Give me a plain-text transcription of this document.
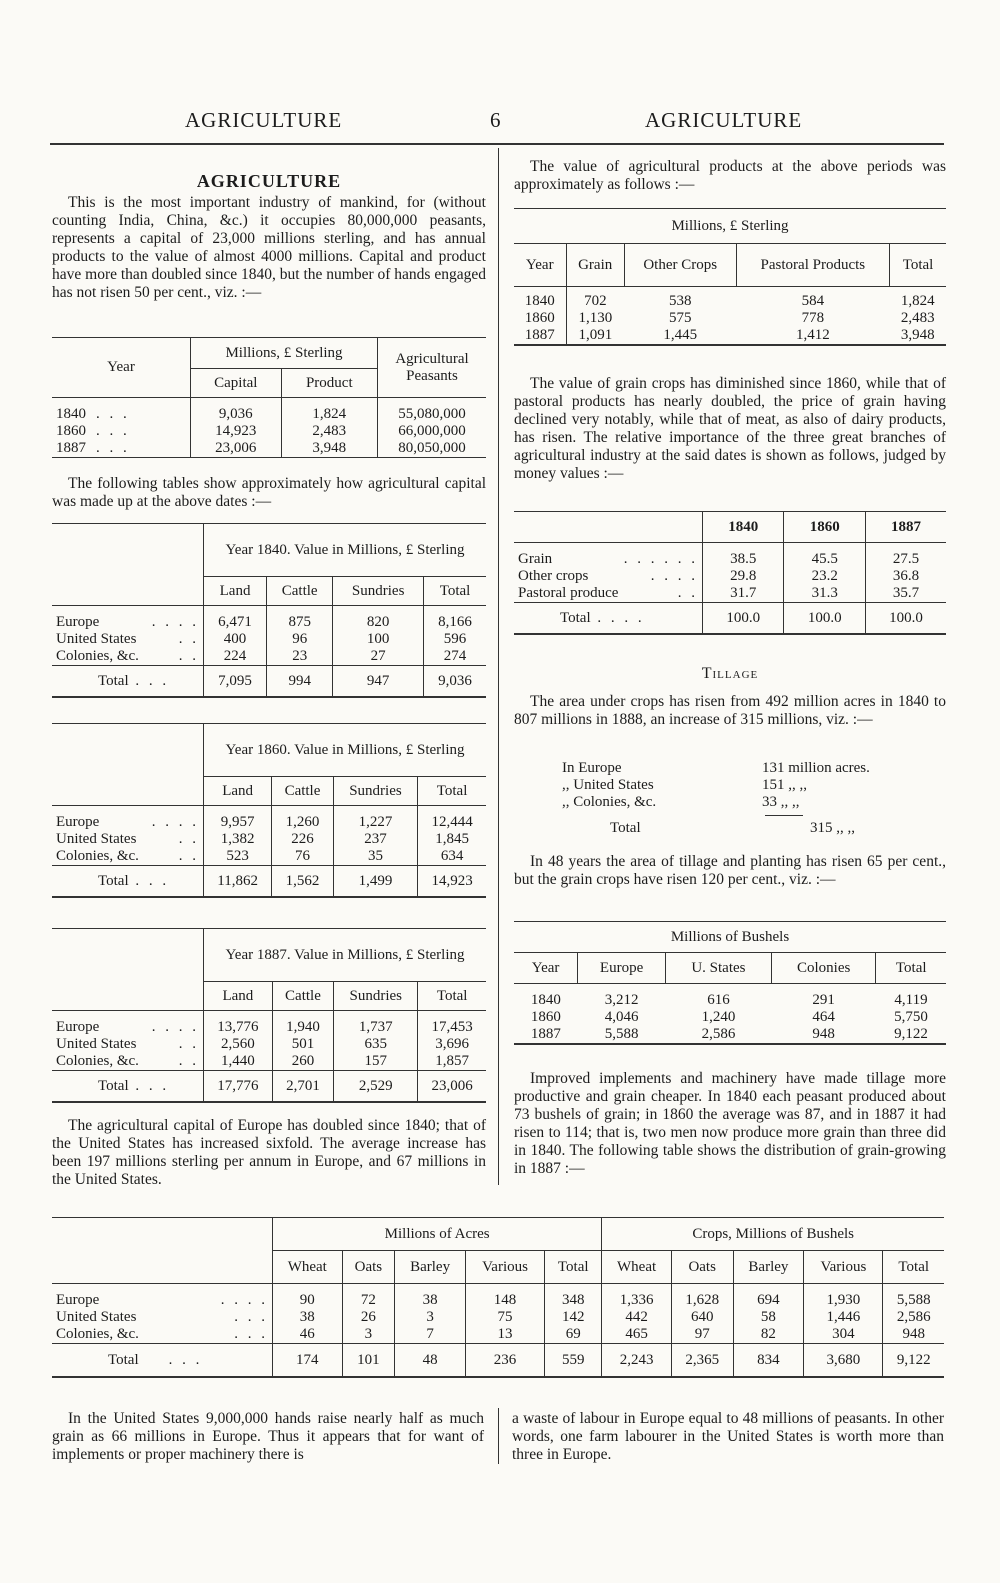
AGRICULTURE	6	AGRICULTURE
AGRICULTURE

This is the most important industry of mankind, for (without counting India, China, &c.) it occupies 80,000,000 peasants, represents a capital of 23,000 millions sterling, and has annual products to the value of almost 4000 millions. Capital and product have more than doubled since 1840, but the number of hands engaged has not risen 50 per cent., viz. :—

Year	Millions, £ Sterling		Agricultural Peasants
	Capital	Product	
1840 . . .	9,036	1,824	55,080,000
1860 . . .	14,923	2,483	66,000,000
1887 . . .	23,006	3,948	80,050,000

The following tables show approximately how agricultural capital was made up at the above dates :—

	Year 1840. Value in Millions, £ Sterling			
	Land	Cattle	Sundries	Total
Europe . . . .	6,471	875	820	8,166
United States . .	400	96	100	596
Colonies, &c. . .	224	23	27	274
Total . . .	7,095	994	947	9,036
	Year 1860. Value in Millions, £ Sterling			
	Land	Cattle	Sundries	Total
Europe . . . .	9,957	1,260	1,227	12,444
United States . .	1,382	226	237	1,845
Colonies, &c. . .	523	76	35	634
Total . . .	11,862	1,562	1,499	14,923
	Year 1887. Value in Millions, £ Sterling			
	Land	Cattle	Sundries	Total
Europe . . . .	13,776	1,940	1,737	17,453
United States . .	2,560	501	635	3,696
Colonies, &c. . .	1,440	260	157	1,857
Total . . .	17,776	2,701	2,529	23,006

The agricultural capital of Europe has doubled since 1840; that of the United States has increased sixfold. The average increase has been 197 millions sterling per annum in Europe, and 67 millions in the United States.

The value of agricultural products at the above periods was approximately as follows :—

Millions, £ Sterling				
Year	Grain	Other Crops	Pastoral Products	Total
1840	702	538	584	1,824
1860	1,130	575	778	2,483
1887	1,091	1,445	1,412	3,948

The value of grain crops has diminished since 1860, while that of pastoral products has nearly doubled, the price of grain having declined very notably, while that of meat, as also of dairy products, has risen. The relative importance of the three great branches of agricultural industry at the said dates is shown as follows, judged by money values :—

	1840	1860	1887
Grain . . . . . .	38.5	45.5	27.5
Other crops . . . .	29.8	23.2	36.8
Pastoral produce . .	31.7	31.3	35.7
Total . . . .	100.0	100.0	100.0
Tillage

The area under crops has risen from 492 million acres in 1840 to 807 millions in 1888, an increase of 315 millions, viz. :—

In Europe	131 million acres.
,, United States	151 ,, ,,
,, Colonies, &c.	33 ,, ,,
Total	315 ,, ,,

In 48 years the area of tillage and planting has risen 65 per cent., but the grain crops have risen 120 per cent., viz. :—

Millions of Bushels				
Year	Europe	U. States	Colonies	Total
1840	3,212	616	291	4,119
1860	4,046	1,240	464	5,750
1887	5,588	2,586	948	9,122

Improved implements and machinery have made tillage more productive and grain cheaper. In 1840 each peasant produced about 73 bushels of grain; in 1860 the average was 87, and in 1887 it had risen to 114; that is, two men now produce more grain than three did in 1840. The following table shows the distribution of grain-growing in 1887 :—

	Millions of Acres					Crops, Millions of Bushels				
	Wheat	Oats	Barley	Various	Total	Wheat	Oats	Barley	Various	Total
Europe . . . .	90	72	38	148	348	1,336	1,628	694	1,930	5,588
United States . . .	38	26	3	75	142	442	640	58	1,446	2,586
Colonies, &c. . . .	46	3	7	13	69	465	97	82	304	948
Total . . .	174	101	48	236	559	2,243	2,365	834	3,680	9,122

In the United States 9,000,000 hands raise nearly half as much grain as 66 millions in Europe. Thus it appears that for want of implements or proper machinery there is

a waste of labour in Europe equal to 48 millions of peasants. In other words, one farm labourer in the United States is worth more than three in Europe.
